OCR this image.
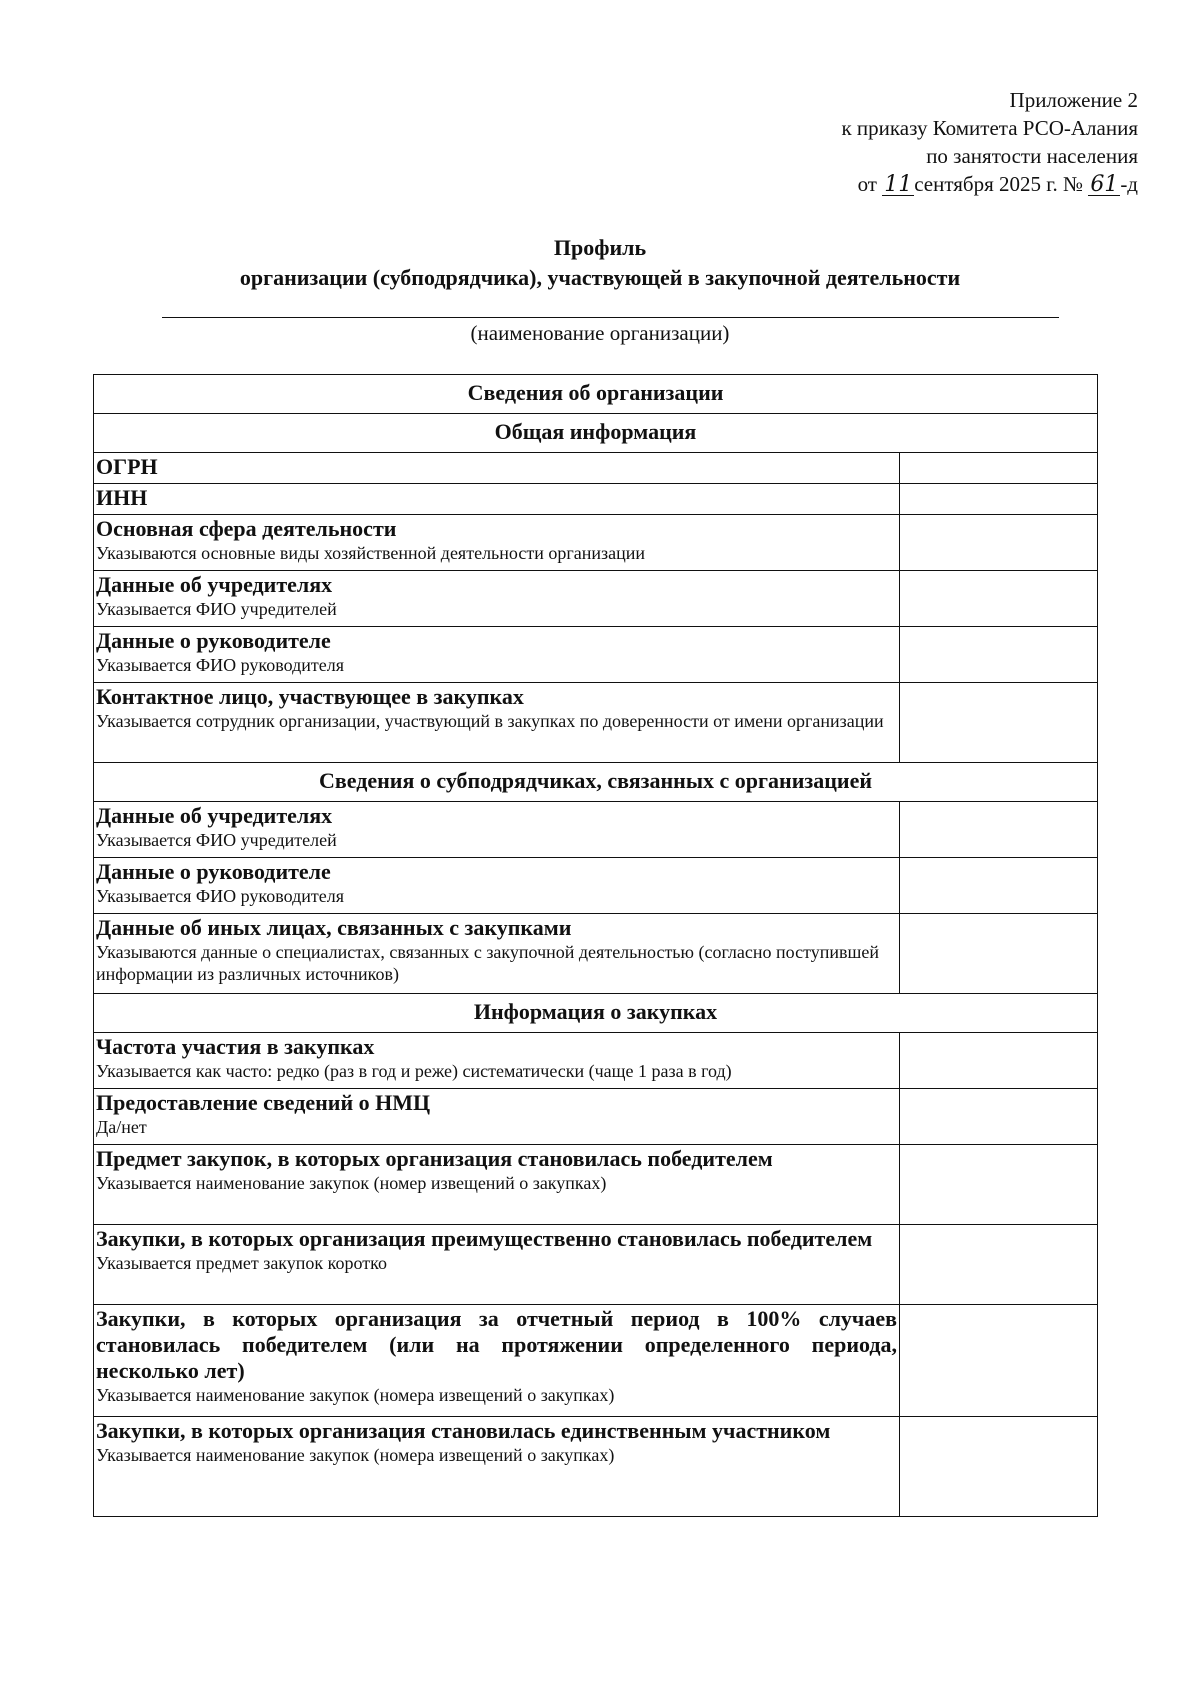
Приложение 2
к приказу Комитета РСО-Алания
по занятости населения
от 11сентября 2025 г. № 61-д
Профиль
организации (субподрядчика), участвующей в закупочной деятельности
(наименование организации)
Сведения об организации	
Общая информация	

ОГРН	

ИНН	

Основная сфера деятельности
Указываются основные виды хозяйственной деятельности организации	

Данные об учредителях
Указывается ФИО учредителей	

Данные о руководителе
Указывается ФИО руководителя	

Контактное лицо, участвующее в закупках
Указывается сотрудник организации, участвующий в закупках по доверенности от имени организации	

Сведения о субподрядчиках, связанных с организацией	

Данные об учредителях
Указывается ФИО учредителей	

Данные о руководителе
Указывается ФИО руководителя	

Данные об иных лицах, связанных с закупками
Указываются данные о специалистах, связанных с закупочной деятельностью (согласно поступившей информации из различных источников)	

Информация о закупках	

Частота участия в закупках
Указывается как часто: редко (раз в год и реже) систематически (чаще 1 раза в год)	

Предоставление сведений о НМЦ
Да/нет	

Предмет закупок, в которых организация становилась победителем
Указывается наименование закупок (номер извещений о закупках)	

Закупки, в которых организация преимущественно становилась победителем
Указывается предмет закупок коротко	

Закупки, в которых организация за отчетный период в 100% случаев становилась победителем (или на протяжении определенного периода, несколько лет)
Указывается наименование закупок (номера извещений о закупках)	

Закупки, в которых организация становилась единственным участником
Указывается наименование закупок (номера извещений о закупках)	
